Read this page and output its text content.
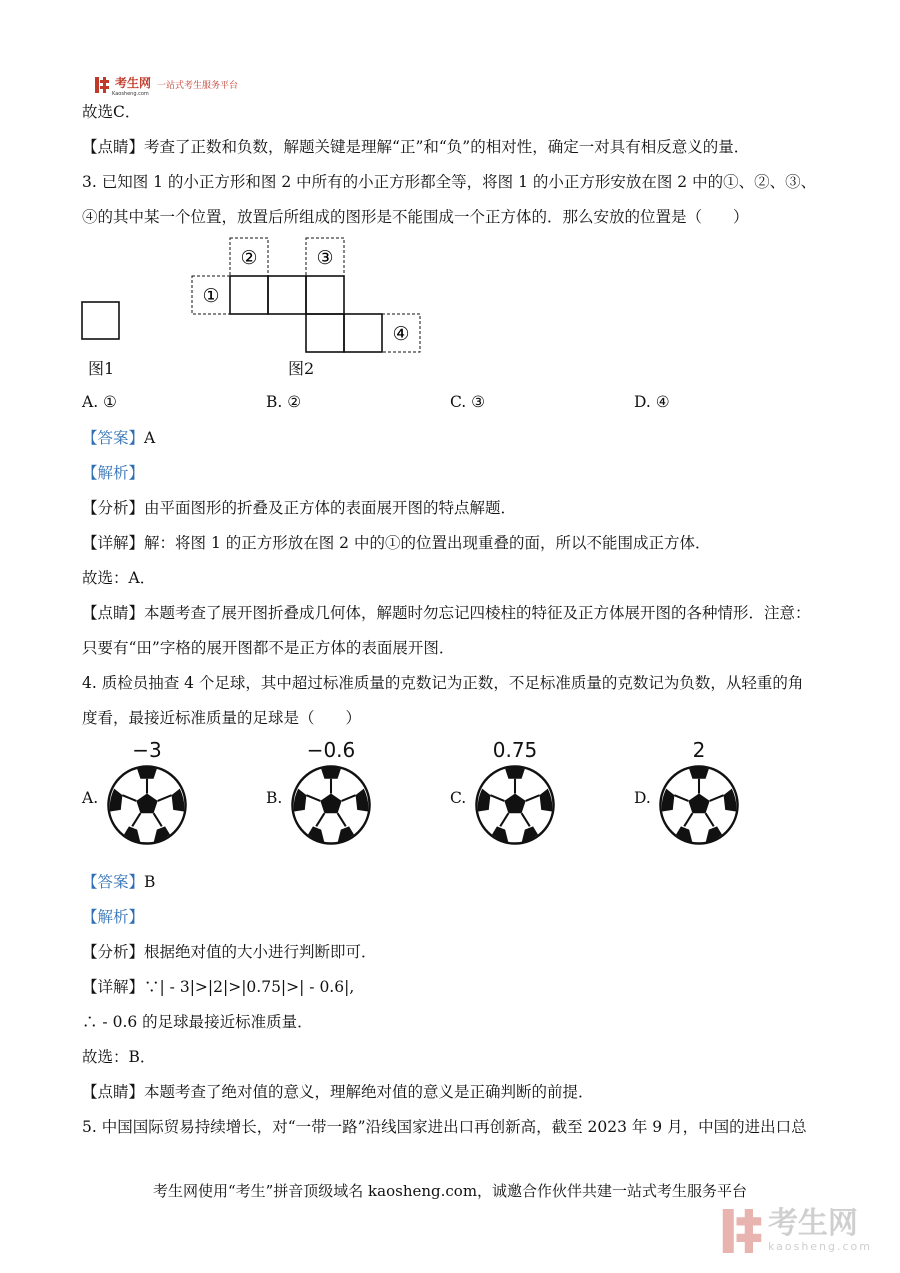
考生网
Kaosheng.com
一站式考生服务平台
故选C．
【点睛】考查了正数和负数，解题关键是理解“正”和“负”的相对性，确定一对具有相反意义的量．
3. 已知图 1 的小正方形和图 2 中所有的小正方形都全等，将图 1 的小正方形安放在图 2 中的①、②、③、
④的其中某一个位置，放置后所组成的图形是不能围成一个正方体的．那么安放的位置是（　　）
①
②	③
④
图1	图2
A. ①	B. ②	C. ③	D. ④
【答案】A
【解析】
【分析】由平面图形的折叠及正方体的表面展开图的特点解题．
【详解】解：将图 1 的正方形放在图 2 中的①的位置出现重叠的面，所以不能围成正方体．
故选：A．
【点睛】本题考查了展开图折叠成几何体，解题时勿忘记四棱柱的特征及正方体展开图的各种情形．注意：
只要有“田”字格的展开图都不是正方体的表面展开图．
4. 质检员抽查 4 个足球，其中超过标准质量的克数记为正数，不足标准质量的克数记为负数，从轻重的角
度看，最接近标准质量的足球是（　　）
A.
−3
B.
−0.6
C.
0.75
D.
2
【答案】B
【解析】
【分析】根据绝对值的大小进行判断即可．
【详解】∵| - 3|>|2|>|0.75|>| - 0.6|,
∴ - 0.6 的足球最接近标准质量．
故选：B．
【点睛】本题考查了绝对值的意义，理解绝对值的意义是正确判断的前提．
5. 中国国际贸易持续增长，对“一带一路”沿线国家进出口再创新高，截至 2023 年 9 月，中国的进出口总
考生网使用“考生”拼音顶级域名 kaosheng.com，诚邀合作伙伴共建一站式考生服务平台
考生网
kaosheng.com
